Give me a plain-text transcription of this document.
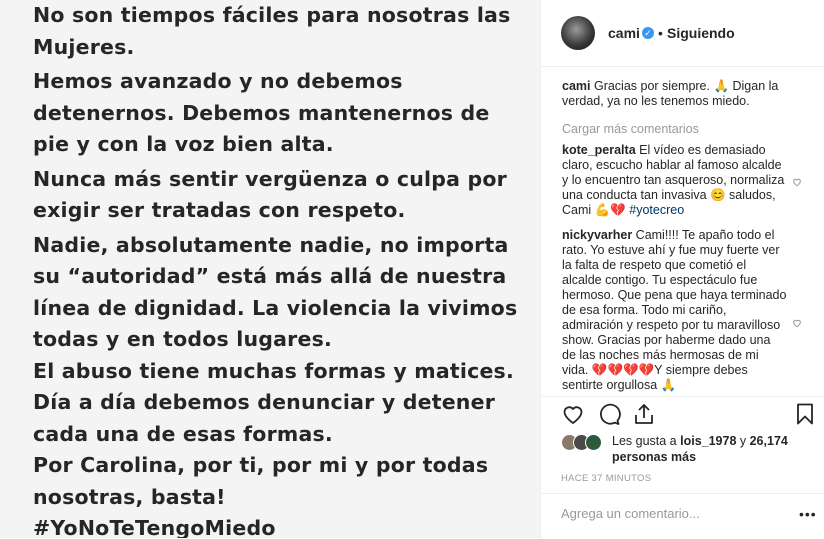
No son tiempos fáciles para nosotras las
Mujeres.
Hemos avanzado y no debemos
detenernos. Debemos mantenernos de
pie y con la voz bien alta.
Nunca más sentir vergüenza o culpa por
exigir ser tratadas con respeto.
Nadie, absolutamente nadie, no importa
su “autoridad” está más allá de nuestra
línea de dignidad. La violencia la vivimos
todas y en todos lugares.
El abuso tiene muchas formas y matices.
Día a día debemos denunciar y detener
cada una de esas formas.
Por Carolina, por ti, por mi y por todas
nosotras, basta!
#YoNoTeTengoMiedo
cami ✓ • Siguiendo
cami Gracias por siempre. 🙏 Digan la verdad, ya no les tenemos miedo.
Cargar más comentarios
kote_peralta El vídeo es demasiado claro, escucho hablar al famoso alcalde y lo encuentro tan asqueroso, normaliza una conducta tan invasiva 😊 saludos, Cami 💪💔 #yotecreo
nickyvarher Cami!!!! Te apaño todo el rato. Yo estuve ahí y fue muy fuerte ver la falta de respeto que cometió el alcalde contigo. Tu espectáculo fue hermoso. Que pena que haya terminado de esa forma. Todo mi cariño, admiración y respeto por tu maravilloso show. Gracias por haberme dado una de las noches más hermosas de mi vida. 💔💔💔💔Y siempre debes sentirte orgullosa 🙏
Les gusta a lois_1978 y 26,174 personas más
HACE 37 MINUTOS
Agrega un comentario...
•••
